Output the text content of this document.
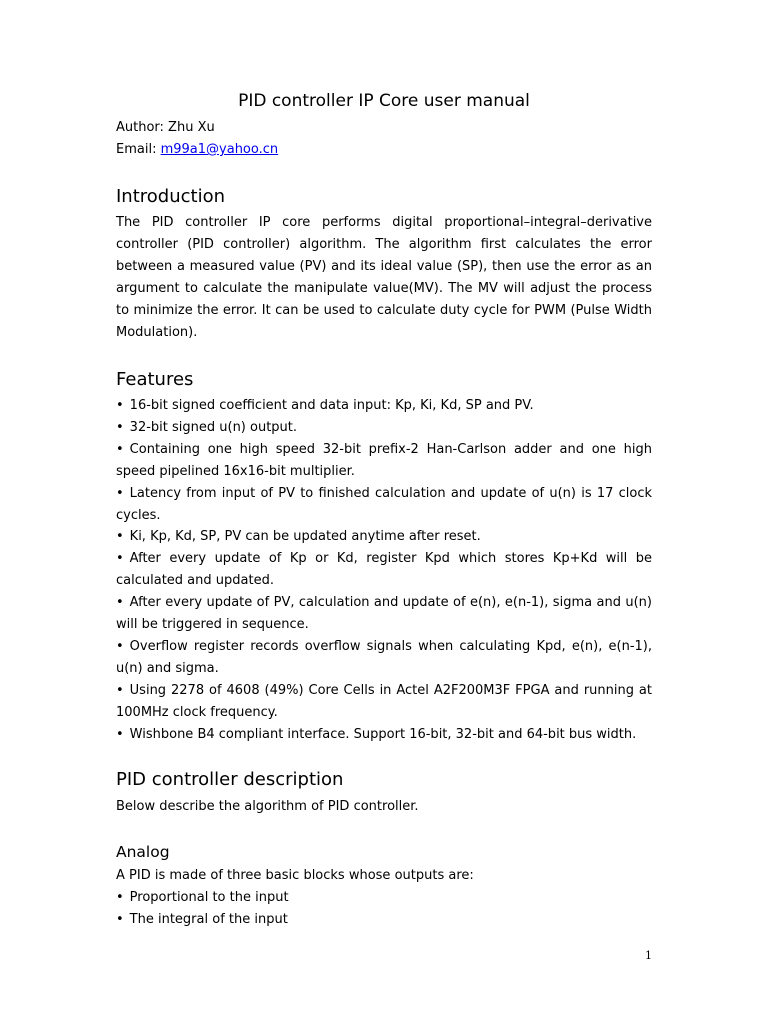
PID controller IP Core user manual
Author: Zhu Xu
Email: m99a1@yahoo.cn
Introduction

The PID controller IP core performs digital proportional–integral–derivative controller (PID controller) algorithm. The algorithm first calculates the error between a measured value (PV) and its ideal value (SP), then use the error as an argument to calculate the manipulate value(MV). The MV will adjust the process to minimize the error. It can be used to calculate duty cycle for PWM (Pulse Width Modulation).

Features
• 16-bit signed coefficient and data input: Kp, Ki, Kd, SP and PV.
• 32-bit signed u(n) output.
• Containing one high speed 32-bit prefix-2 Han-Carlson adder and one high speed pipelined 16x16-bit multiplier.
• Latency from input of PV to finished calculation and update of u(n) is 17 clock cycles.
• Ki, Kp, Kd, SP, PV can be updated anytime after reset.
• After every update of Kp or Kd, register Kpd which stores Kp+Kd will be calculated and updated.
• After every update of PV, calculation and update of e(n), e(n-1), sigma and u(n) will be triggered in sequence.
• Overflow register records overflow signals when calculating Kpd, e(n), e(n-1), u(n) and sigma.
• Using 2278 of 4608 (49%) Core Cells in Actel A2F200M3F FPGA and running at 100MHz clock frequency.
• Wishbone B4 compliant interface. Support 16-bit, 32-bit and 64-bit bus width.
PID controller description

Below describe the algorithm of PID controller.

Analog

A PID is made of three basic blocks whose outputs are:

• Proportional to the input
• The integral of the input
1
